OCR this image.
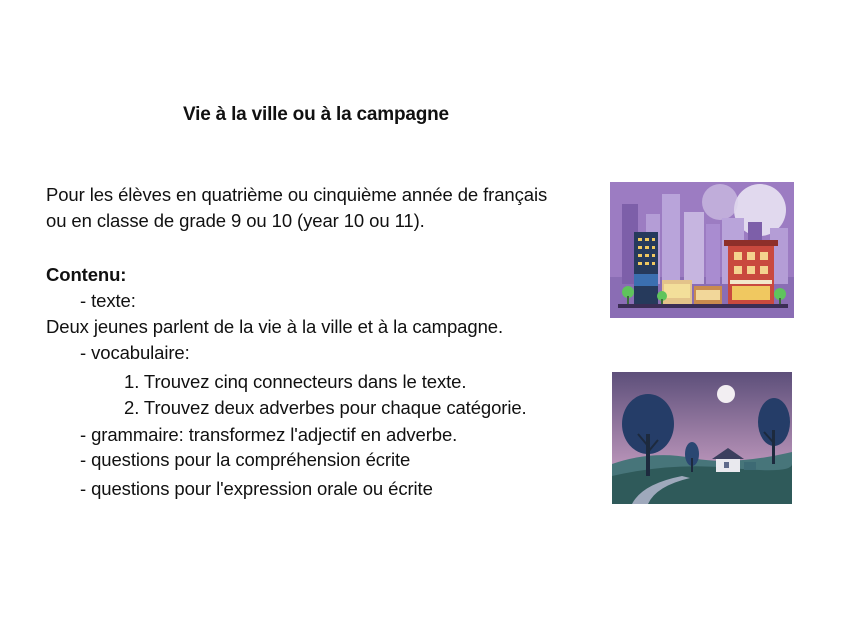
Vie à la ville ou à la campagne
Pour les élèves en quatrième ou cinquième année de français
ou en classe de grade 9 ou 10 (year 10 ou 11).
Contenu:
- texte:
Deux jeunes parlent de la vie à la ville et à la campagne.
- vocabulaire:
1. Trouvez cinq connecteurs dans le texte.
2. Trouvez deux adverbes pour chaque catégorie.
- grammaire: transformez l'adjectif en adverbe.
- questions pour la compréhension écrite
- questions pour l'expression orale ou écrite
